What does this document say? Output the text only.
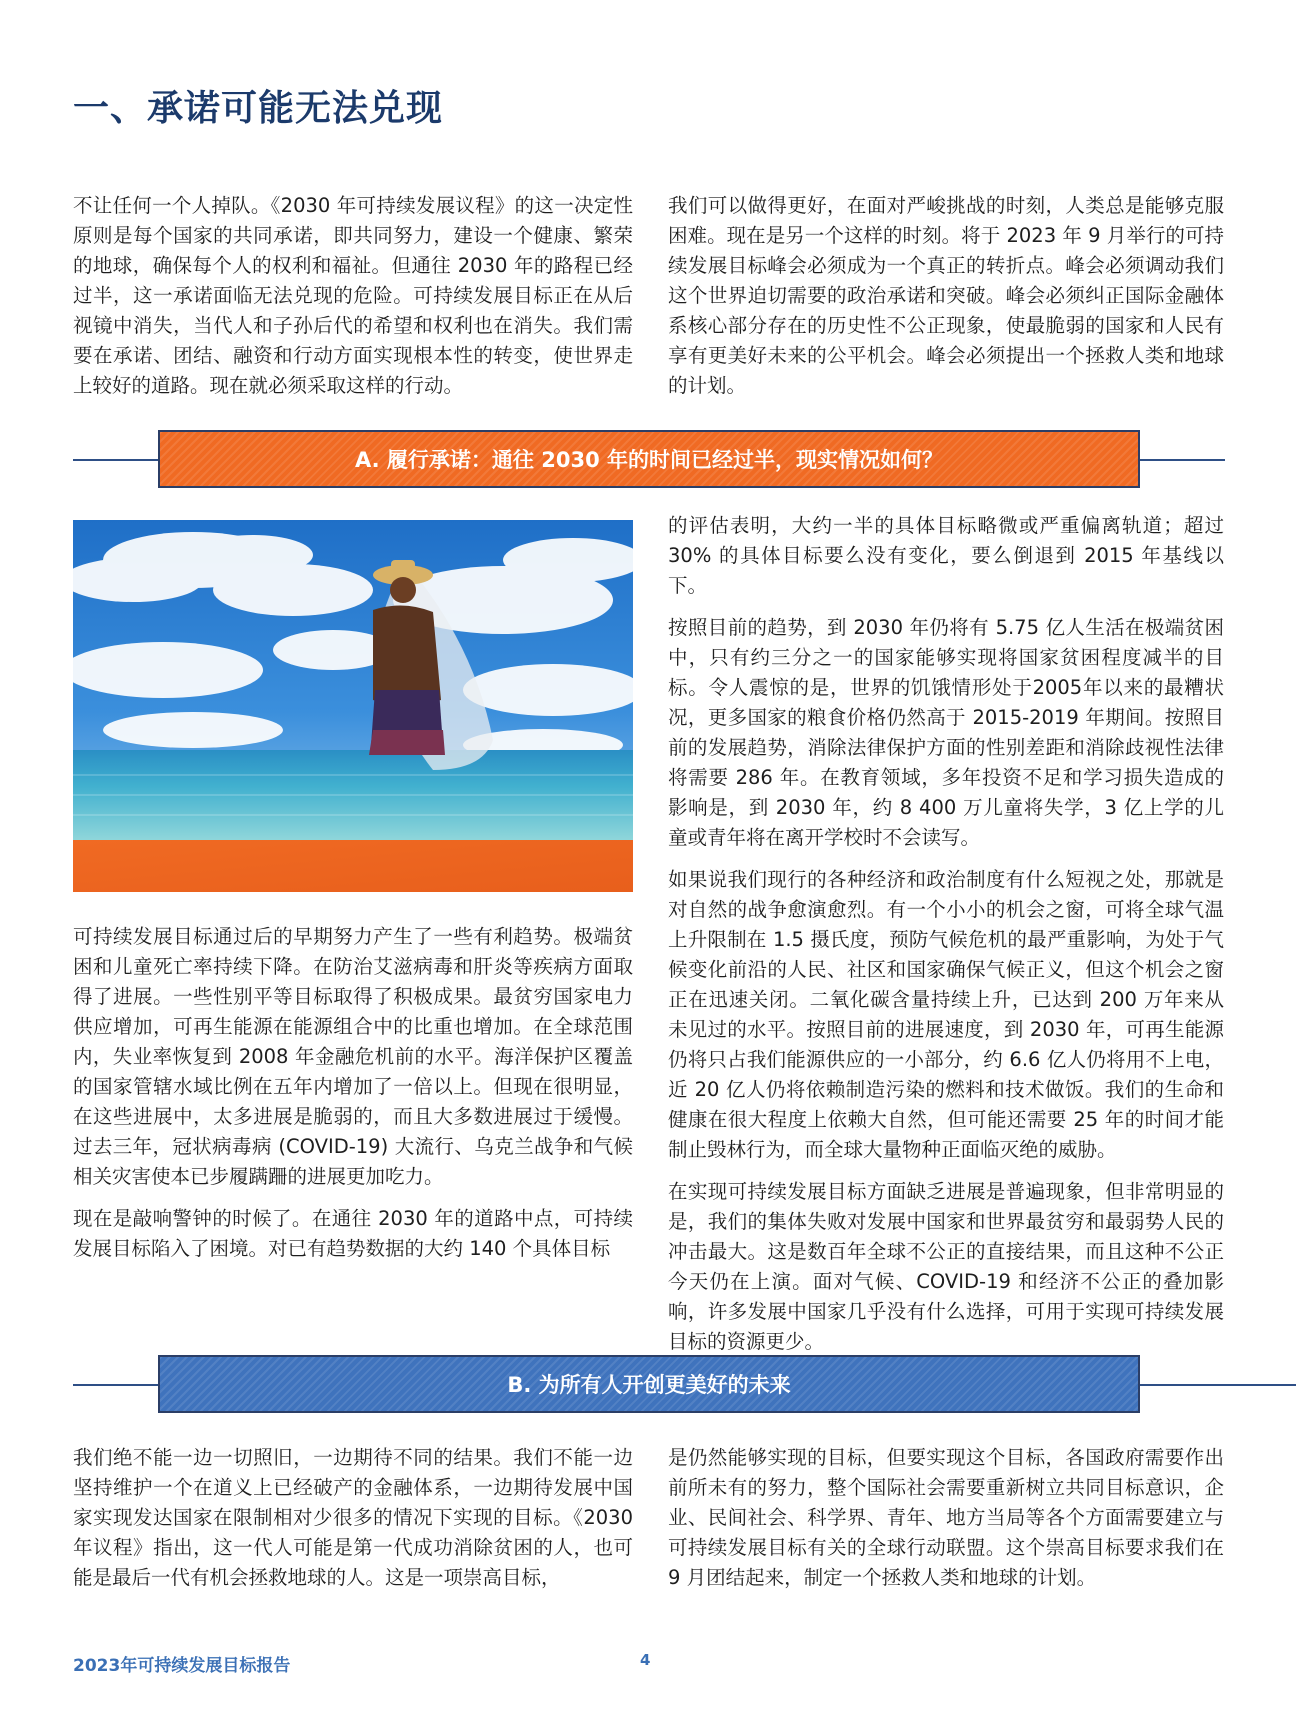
一、承诺可能无法兑现

不让任何一个人掉队。《2030 年可持续发展议程》的这一决定性原则是每个国家的共同承诺，即共同努力，建设一个健康、繁荣的地球，确保每个人的权利和福祉。但通往 2030 年的路程已经过半，这一承诺面临无法兑现的危险。可持续发展目标正在从后视镜中消失，当代人和子孙后代的希望和权利也在消失。我们需要在承诺、团结、融资和行动方面实现根本性的转变，使世界走上较好的道路。现在就必须采取这样的行动。

我们可以做得更好，在面对严峻挑战的时刻，人类总是能够克服困难。现在是另一个这样的时刻。将于 2023 年 9 月举行的可持续发展目标峰会必须成为一个真正的转折点。峰会必须调动我们这个世界迫切需要的政治承诺和突破。峰会必须纠正国际金融体系核心部分存在的历史性不公正现象，使最脆弱的国家和人民有享有更美好未来的公平机会。峰会必须提出一个拯救人类和地球的计划。

A. 履行承诺：通往 2030 年的时间已经过半，现实情况如何？

可持续发展目标通过后的早期努力产生了一些有利趋势。极端贫困和儿童死亡率持续下降。在防治艾滋病毒和肝炎等疾病方面取得了进展。一些性别平等目标取得了积极成果。最贫穷国家电力供应增加，可再生能源在能源组合中的比重也增加。在全球范围内，失业率恢复到 2008 年金融危机前的水平。海洋保护区覆盖的国家管辖水域比例在五年内增加了一倍以上。但现在很明显，在这些进展中，太多进展是脆弱的，而且大多数进展过于缓慢。过去三年，冠状病毒病 (COVID-19) 大流行、乌克兰战争和气候相关灾害使本已步履蹒跚的进展更加吃力。

现在是敲响警钟的时候了。在通往 2030 年的道路中点，可持续发展目标陷入了困境。对已有趋势数据的大约 140 个具体目标

的评估表明，大约一半的具体目标略微或严重偏离轨道；超过 30% 的具体目标要么没有变化，要么倒退到 2015 年基线以下。

按照目前的趋势，到 2030 年仍将有 5.75 亿人生活在极端贫困中，只有约三分之一的国家能够实现将国家贫困程度减半的目标。令人震惊的是，世界的饥饿情形处于2005年以来的最糟状况，更多国家的粮食价格仍然高于 2015-2019 年期间。按照目前的发展趋势，消除法律保护方面的性别差距和消除歧视性法律将需要 286 年。在教育领域，多年投资不足和学习损失造成的影响是，到 2030 年，约 8 400 万儿童将失学，3 亿上学的儿童或青年将在离开学校时不会读写。

如果说我们现行的各种经济和政治制度有什么短视之处，那就是对自然的战争愈演愈烈。有一个小小的机会之窗，可将全球气温上升限制在 1.5 摄氏度，预防气候危机的最严重影响，为处于气候变化前沿的人民、社区和国家确保气候正义，但这个机会之窗正在迅速关闭。二氧化碳含量持续上升，已达到 200 万年来从未见过的水平。按照目前的进展速度，到 2030 年，可再生能源仍将只占我们能源供应的一小部分，约 6.6 亿人仍将用不上电，近 20 亿人仍将依赖制造污染的燃料和技术做饭。我们的生命和健康在很大程度上依赖大自然，但可能还需要 25 年的时间才能制止毁林行为，而全球大量物种正面临灭绝的威胁。

在实现可持续发展目标方面缺乏进展是普遍现象，但非常明显的是，我们的集体失败对发展中国家和世界最贫穷和最弱势人民的冲击最大。这是数百年全球不公正的直接结果，而且这种不公正今天仍在上演。面对气候、COVID-19 和经济不公正的叠加影响，许多发展中国家几乎没有什么选择，可用于实现可持续发展目标的资源更少。

B. 为所有人开创更美好的未来

我们绝不能一边一切照旧，一边期待不同的结果。我们不能一边坚持维护一个在道义上已经破产的金融体系，一边期待发展中国家实现发达国家在限制相对少很多的情况下实现的目标。《2030 年议程》指出，这一代人可能是第一代成功消除贫困的人，也可能是最后一代有机会拯救地球的人。这是一项崇高目标，

是仍然能够实现的目标，但要实现这个目标，各国政府需要作出前所未有的努力，整个国际社会需要重新树立共同目标意识，企业、民间社会、科学界、青年、地方当局等各个方面需要建立与可持续发展目标有关的全球行动联盟。这个崇高目标要求我们在 9 月团结起来，制定一个拯救人类和地球的计划。

2023年可持续发展目标报告	4
